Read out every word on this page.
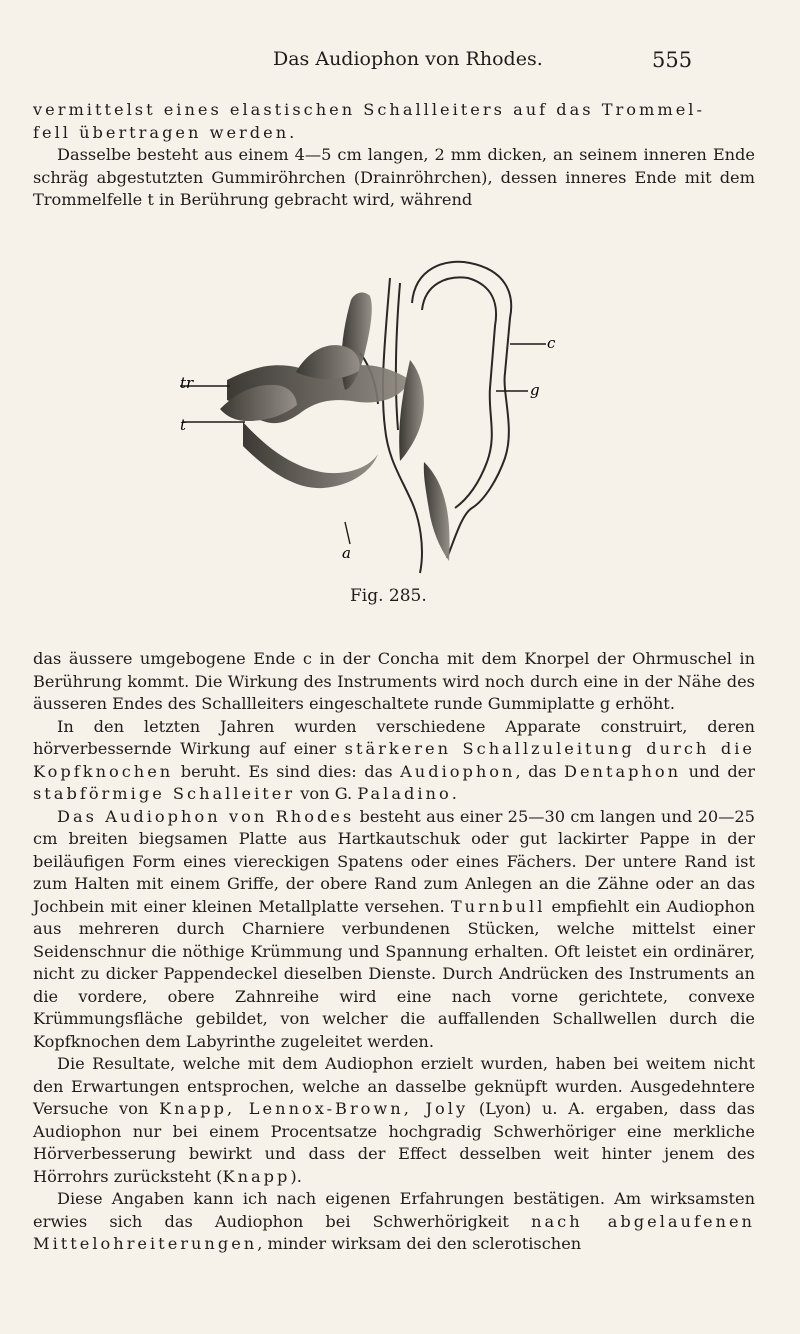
Das Audiophon von Rhodes.	555

vermittelst eines elastischen Schallleiters auf das Trommel-
fell übertragen werden.
Dasselbe besteht aus einem 4—5 cm langen, 2 mm dicken, an seinem inneren Ende schräg abgestutzten Gummiröhrchen (Drainröhrchen), dessen inneres Ende mit dem Trommelfelle t in Berührung gebracht wird, während

tr
t
c
g
a
Fig. 285.

das äussere umgebogene Ende c in der Concha mit dem Knorpel der Ohrmuschel in Berührung kommt. Die Wirkung des Instruments wird noch durch eine in der Nähe des äusseren Endes des Schallleiters eingeschaltete runde Gummiplatte g erhöht.
In den letzten Jahren wurden verschiedene Apparate construirt, deren hörverbessernde Wirkung auf einer stärkeren Schallzuleitung durch die Kopfknochen beruht. Es sind dies: das Audiophon, das Dentaphon und der stabförmige Schalleiter von G. Paladino.
Das Audiophon von Rhodes besteht aus einer 25—30 cm langen und 20—25 cm breiten biegsamen Platte aus Hartkautschuk oder gut lackirter Pappe in der beiläufigen Form eines viereckigen Spatens oder eines Fächers. Der untere Rand ist zum Halten mit einem Griffe, der obere Rand zum Anlegen an die Zähne oder an das Jochbein mit einer kleinen Metallplatte versehen. Turnbull empfiehlt ein Audiophon aus mehreren durch Charniere verbundenen Stücken, welche mittelst einer Seidenschnur die nöthige Krümmung und Spannung erhalten. Oft leistet ein ordinärer, nicht zu dicker Pappendeckel dieselben Dienste. Durch Andrücken des Instruments an die vordere, obere Zahnreihe wird eine nach vorne gerichtete, convexe Krümmungsfläche gebildet, von welcher die auffallenden Schallwellen durch die Kopfknochen dem Labyrinthe zugeleitet werden.
Die Resultate, welche mit dem Audiophon erzielt wurden, haben bei weitem nicht den Erwartungen entsprochen, welche an dasselbe geknüpft wurden. Ausgedehntere Versuche von Knapp, Lennox-Brown, Joly (Lyon) u. A. ergaben, dass das Audiophon nur bei einem Procentsatze hochgradig Schwerhöriger eine merkliche Hörverbesserung bewirkt und dass der Effect desselben weit hinter jenem des Hörrohrs zurücksteht (Knapp).
Diese Angaben kann ich nach eigenen Erfahrungen bestätigen. Am wirksamsten erwies sich das Audiophon bei Schwerhörigkeit nach abgelaufenen Mittelohreiterungen, minder wirksam dei den sclerotischen
